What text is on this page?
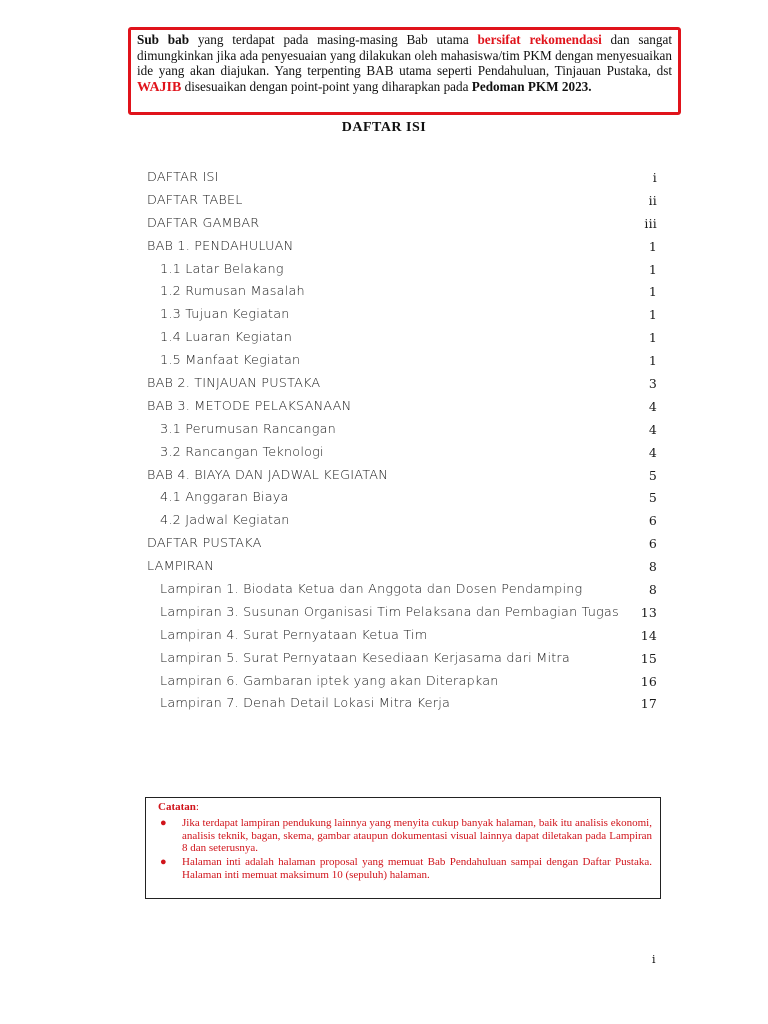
Sub bab yang terdapat pada masing-masing Bab utama bersifat rekomendasi dan sangat dimungkinkan jika ada penyesuaian yang dilakukan oleh mahasiswa/tim PKM dengan menyesuaikan ide yang akan diajukan. Yang terpenting BAB utama seperti Pendahuluan, Tinjauan Pustaka, dst WAJIB disesuaikan dengan point-point yang diharapkan pada Pedoman PKM 2023.

DAFTAR ISI
DAFTAR ISI	i
DAFTAR TABEL	ii
DAFTAR GAMBAR	iii
BAB 1. PENDAHULUAN	1
1.1 Latar Belakang	1
1.2 Rumusan Masalah	1
1.3 Tujuan Kegiatan	1
1.4 Luaran Kegiatan	1
1.5 Manfaat Kegiatan	1
BAB 2. TINJAUAN PUSTAKA	3
BAB 3. METODE PELAKSANAAN	4
3.1 Perumusan Rancangan	4
3.2 Rancangan Teknologi	4
BAB 4. BIAYA DAN JADWAL KEGIATAN	5
4.1 Anggaran Biaya	5
4.2 Jadwal Kegiatan	6
DAFTAR PUSTAKA	6
LAMPIRAN	8
Lampiran 1. Biodata Ketua dan Anggota dan Dosen Pendamping	8
Lampiran 3. Susunan Organisasi Tim Pelaksana dan Pembagian Tugas 13
Lampiran 4. Surat Pernyataan Ketua Tim	14
Lampiran 5. Surat Pernyataan Kesediaan Kerjasama dari Mitra	15
Lampiran 6. Gambaran iptek yang akan Diterapkan	16
Lampiran 7. Denah Detail Lokasi Mitra Kerja	17
Catatan:
● Jika terdapat lampiran pendukung lainnya yang menyita cukup banyak halaman, baik itu analisis ekonomi, analisis teknik, bagan, skema, gambar ataupun dokumentasi visual lainnya dapat diletakan pada Lampiran 8 dan seterusnya.
● Halaman inti adalah halaman proposal yang memuat Bab Pendahuluan sampai dengan Daftar Pustaka. Halaman inti memuat maksimum 10 (sepuluh) halaman.
i
